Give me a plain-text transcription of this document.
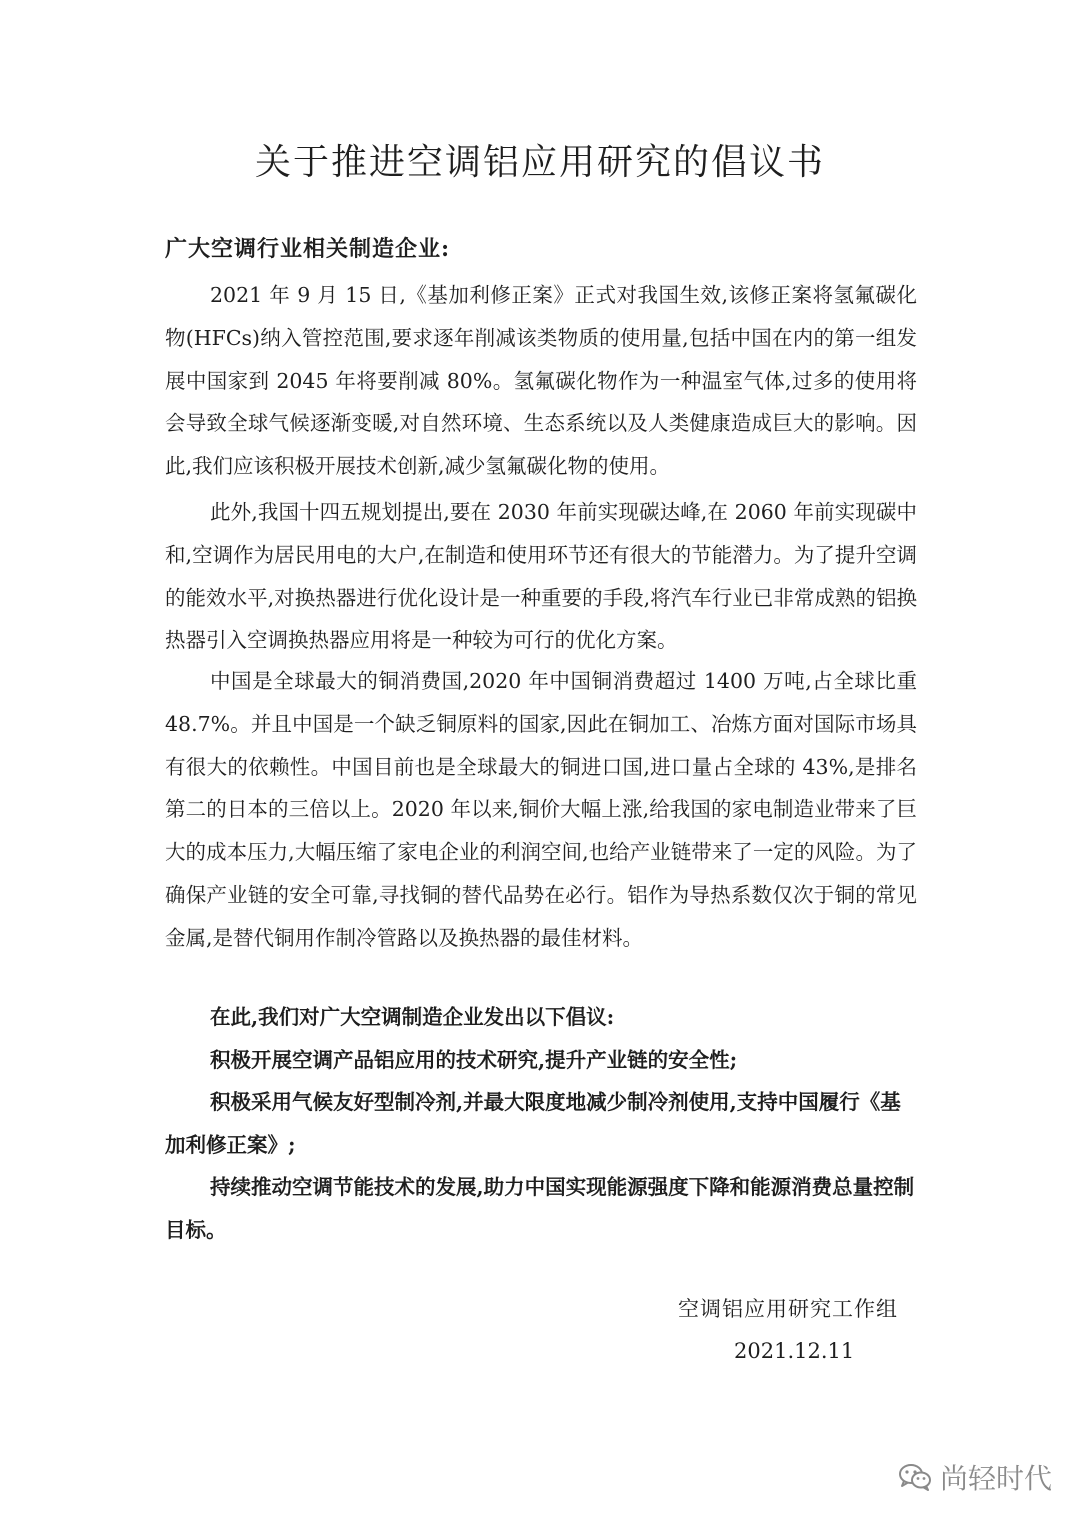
关于推进空调铝应用研究的倡议书

广大空调行业相关制造企业:

2021 年 9 月 15 日,《基加利修正案》正式对我国生效,该修正案将氢氟碳化物(HFCs)纳入管控范围,要求逐年削减该类物质的使用量,包括中国在内的第一组发展中国家到 2045 年将要削减 80%。氢氟碳化物作为一种温室气体,过多的使用将会导致全球气候逐渐变暖,对自然环境、生态系统以及人类健康造成巨大的影响。因此,我们应该积极开展技术创新,减少氢氟碳化物的使用。

此外,我国十四五规划提出,要在 2030 年前实现碳达峰,在 2060 年前实现碳中和,空调作为居民用电的大户,在制造和使用环节还有很大的节能潜力。为了提升空调的能效水平,对换热器进行优化设计是一种重要的手段,将汽车行业已非常成熟的铝换热器引入空调换热器应用将是一种较为可行的优化方案。

中国是全球最大的铜消费国,2020 年中国铜消费超过 1400 万吨,占全球比重 48.7%。并且中国是一个缺乏铜原料的国家,因此在铜加工、冶炼方面对国际市场具有很大的依赖性。中国目前也是全球最大的铜进口国,进口量占全球的 43%,是排名第二的日本的三倍以上。2020 年以来,铜价大幅上涨,给我国的家电制造业带来了巨大的成本压力,大幅压缩了家电企业的利润空间,也给产业链带来了一定的风险。为了确保产业链的安全可靠,寻找铜的替代品势在必行。铝作为导热系数仅次于铜的常见金属,是替代铜用作制冷管路以及换热器的最佳材料。

在此,我们对广大空调制造企业发出以下倡议:

积极开展空调产品铝应用的技术研究,提升产业链的安全性;

积极采用气候友好型制冷剂,并最大限度地减少制冷剂使用,支持中国履行《基加利修正案》;

持续推动空调节能技术的发展,助力中国实现能源强度下降和能源消费总量控制目标。

空调铝应用研究工作组

2021.12.11

尚轻时代
